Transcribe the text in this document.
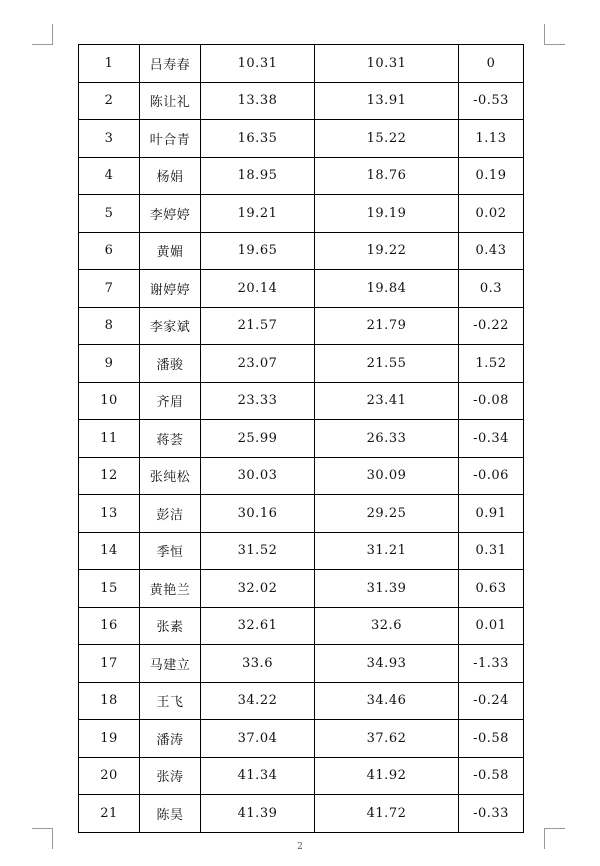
1	吕寿春	10.31	10.31	0
2	陈让礼	13.38	13.91	-0.53
3	叶合青	16.35	15.22	1.13
4	杨娟	18.95	18.76	0.19
5	李婷婷	19.21	19.19	0.02
6	黄媚	19.65	19.22	0.43
7	谢婷婷	20.14	19.84	0.3
8	李家斌	21.57	21.79	-0.22
9	潘骏	23.07	21.55	1.52
10	齐眉	23.33	23.41	-0.08
11	蒋荟	25.99	26.33	-0.34
12	张纯松	30.03	30.09	-0.06
13	彭洁	30.16	29.25	0.91
14	季恒	31.52	31.21	0.31
15	黄艳兰	32.02	31.39	0.63
16	张素	32.61	32.6	0.01
17	马建立	33.6	34.93	-1.33
18	王飞	34.22	34.46	-0.24
19	潘涛	37.04	37.62	-0.58
20	张涛	41.34	41.92	-0.58
21	陈昊	41.39	41.72	-0.33
2
